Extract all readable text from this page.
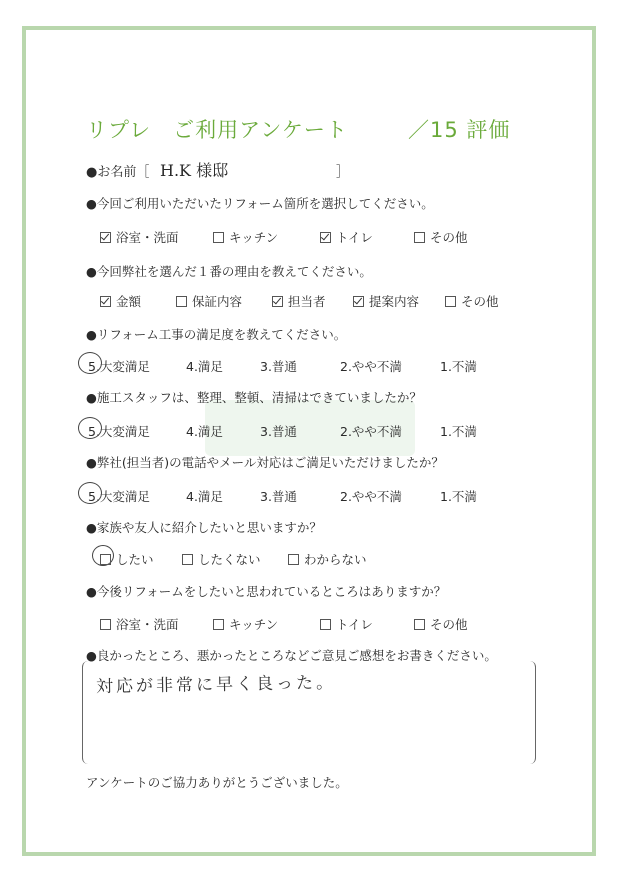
リプレ　ご利用アンケート	／15 評価
●お名前［ H.K 様邸	］
●今回ご利用いただいたリフォーム箇所を選択してください。
浴室・洗面	キッチン	トイレ	その他
●今回弊社を選んだ１番の理由を教えてください。
金額	保証内容	担当者	提案内容	その他
●リフォーム工事の満足度を教えてください。
5.大変満足	4.満足	3.普通	2.やや不満	1.不満
●施工スタッフは、整理、整頓、清掃はできていましたか？
5.大変満足	4.満足	3.普通	2.やや不満	1.不満
●弊社(担当者)の電話やメール対応はご満足いただけましたか？
5.大変満足	4.満足	3.普通	2.やや不満	1.不満
●家族や友人に紹介したいと思いますか？
したい	したくない	わからない
●今後リフォームをしたいと思われているところはありますか？
浴室・洗面	キッチン	トイレ	その他
●良かったところ、悪かったところなどご意見ご感想をお書きください。
対応が非常に早く良った。
アンケートのご協力ありがとうございました。
